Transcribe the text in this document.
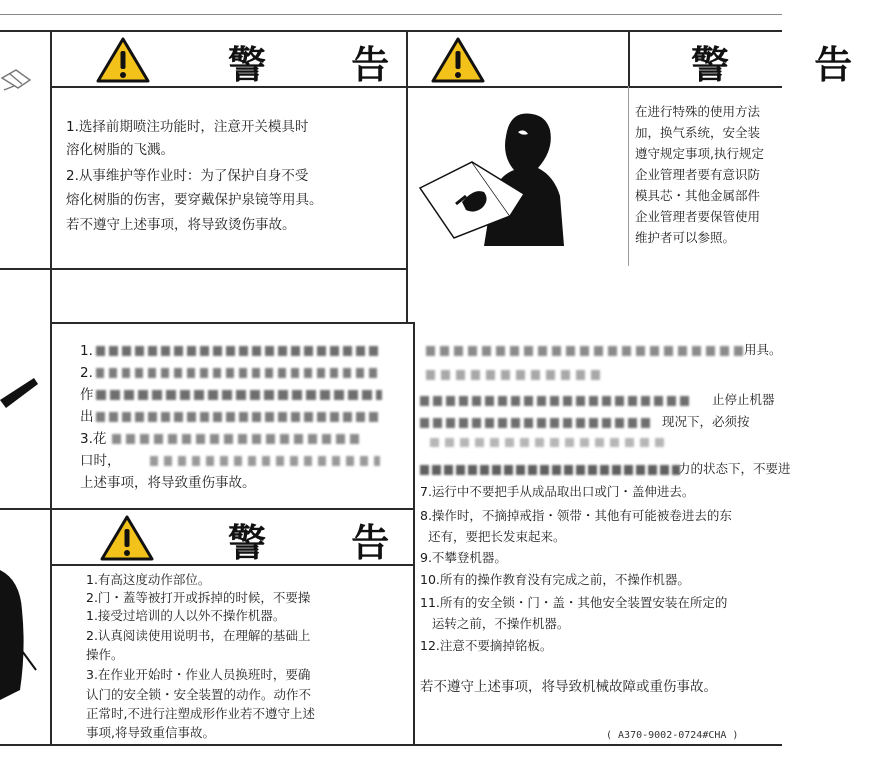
警 告	警 告
警 告
1.选择前期喷注功能时，注意开关模具时
溶化树脂的飞溅。
2.从事维护等作业时：为了保护自身不受
熔化树脂的伤害，要穿戴保护泉镜等用具。
若不遵守上述事项，将导致烫伤事故。
在进行特殊的使用方法
加，换气系统，安全装
遵守规定事项,执行规定
企业管理者要有意识防
模具芯・其他金属部件
企业管理者要保管使用
维护者可以参照。
1.
2.
作
出
3.花
口时，
上述事项，将导致重伤事故。
用具。
止停止机器
现况下，必须按
力的状态下，不要进
7.运行中不要把手从成品取出口或门・盖伸进去。
8.操作时，不摘掉戒指・领带・其他有可能被卷进去的东
还有，要把长发束起来。
9.不攀登机器。
10.所有的操作教育没有完成之前，不操作机器。
11.所有的安全锁・门・盖・其他安全装置安装在所定的
运转之前，不操作机器。
12.注意不要摘掉铭板。
若不遵守上述事项，将导致机械故障或重伤事故。
( A370-9002-0724#CHA )
1.有高这度动作部位。
2.门・蓋等被打开或拆掉的时候，不要操
1.接受过培训的人以外不操作机器。
2.认真阅读使用说明书，在理解的基础上
操作。
3.在作业开始时・作业人员换班时，要确
认门的安全锁・安全装置的动作。动作不
正常时,不进行注塑成形作业若不遵守上述
事项,将导致重信事故。
